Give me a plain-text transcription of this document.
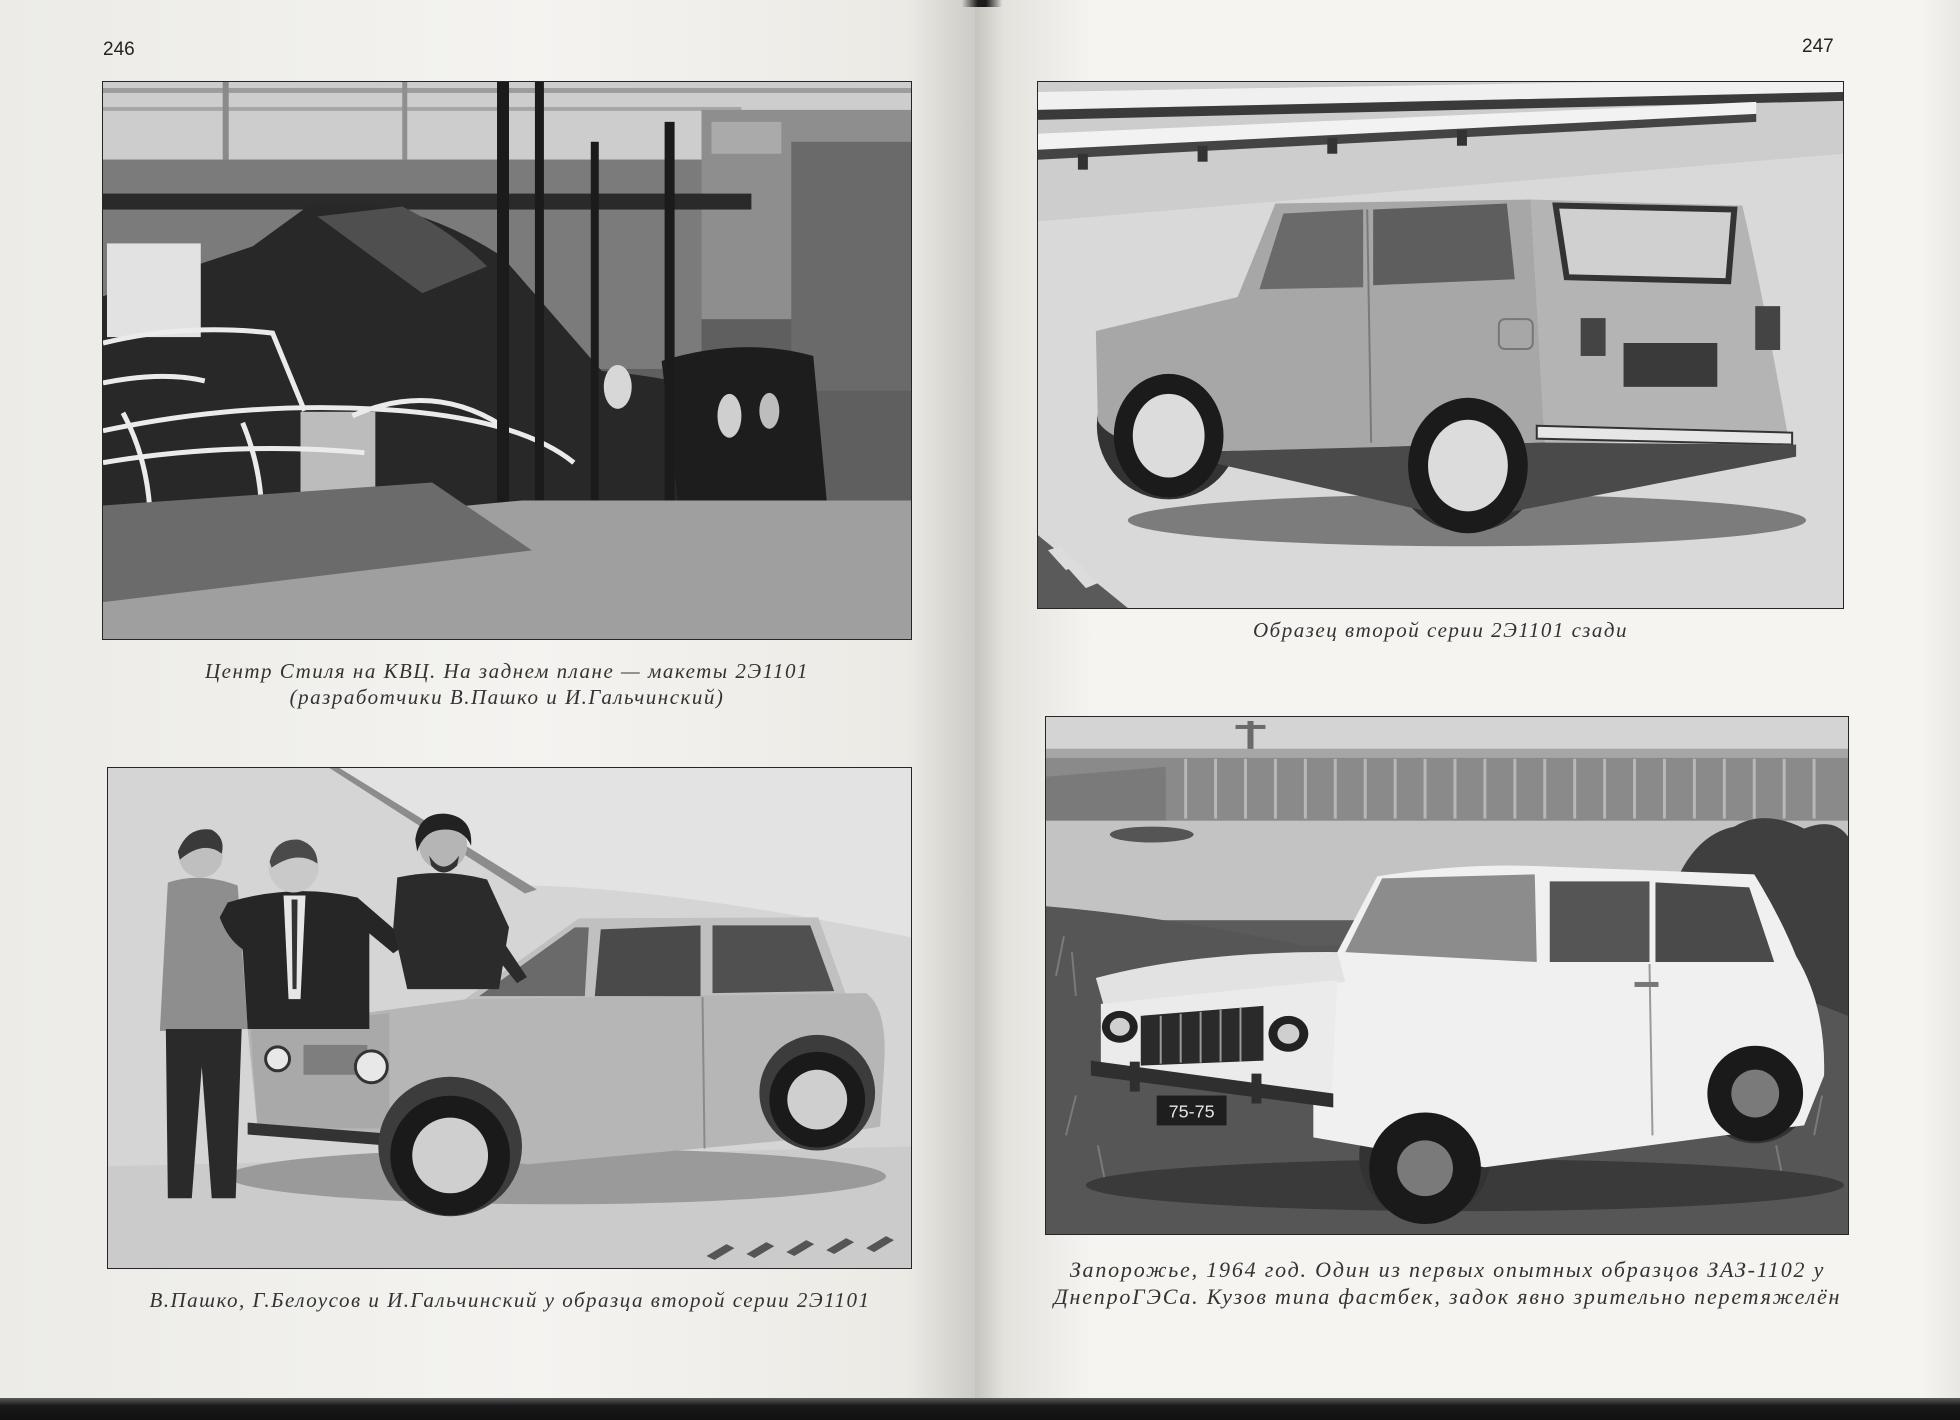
246
Центр Стиля на КВЦ. На заднем плане — макеты 2Э1101
(разработчики В.Пашко и И.Гальчинский)
В.Пашко, Г.Белоусов и И.Гальчинский у образца второй серии 2Э1101
247
Образец второй серии 2Э1101 сзади
75-75
Запорожье, 1964 год. Один из первых опытных образцов ЗАЗ-1102 у
ДнепроГЭСа. Кузов типа фастбек, задок явно зрительно перетяжелён
